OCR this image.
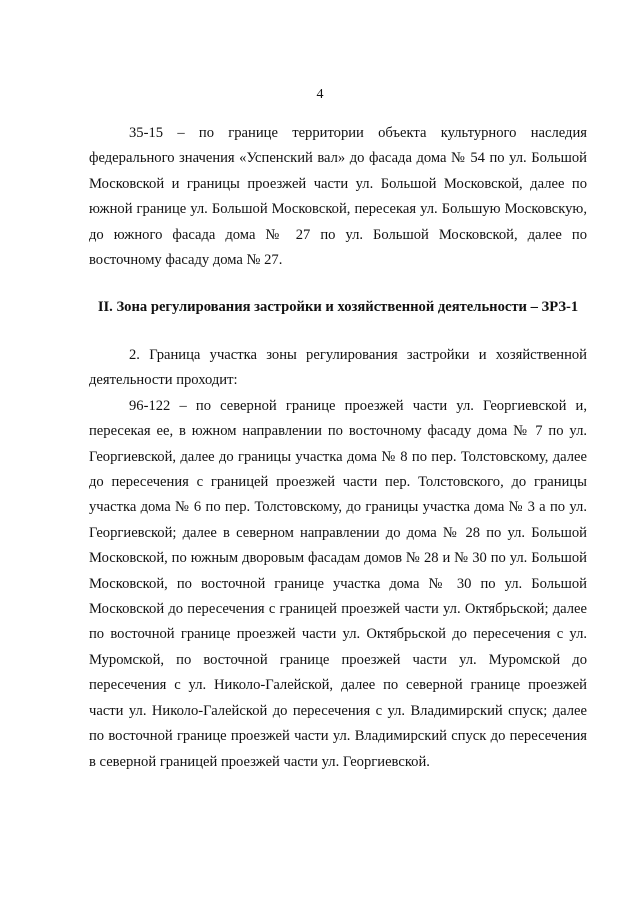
4

35-15 – по границе территории объекта культурного наследия федерального значения «Успенский вал» до фасада дома № 54 по ул. Большой Московской и границы проезжей части ул. Большой Московской, далее по южной границе ул. Большой Московской, пересекая ул. Большую Московскую, до южного фасада дома № 27 по ул. Большой Московской, далее по восточному фасаду дома № 27.

II. Зона регулирования застройки и хозяйственной деятельности – ЗРЗ-1

2. Граница участка зоны регулирования застройки и хозяйственной деятельности проходит:

96-122 – по северной границе проезжей части ул. Георгиевской и, пересекая ее, в южном направлении по восточному фасаду дома № 7 по ул. Георгиевской, далее до границы участка дома № 8 по пер. Толстовскому, далее до пересечения с границей проезжей части пер. Толстовского, до границы участка дома № 6 по пер. Толстовскому, до границы участка дома № 3 а по ул. Георгиевской; далее в северном направлении до дома № 28 по ул. Большой Московской, по южным дворовым фасадам домов № 28 и № 30 по ул. Большой Московской, по восточной границе участка дома № 30 по ул. Большой Московской до пересечения с границей проезжей части ул. Октябрьской; далее по восточной границе проезжей части ул. Октябрьской до пересечения с ул. Муромской, по восточной границе проезжей части ул. Муромской до пересечения с ул. Николо-Галейской, далее по северной границе проезжей части ул. Николо-Галейской до пересечения с ул. Владимирский спуск; далее по восточной границе проезжей части ул. Владимирский спуск до пересечения в северной границей проезжей части ул. Георгиевской.
